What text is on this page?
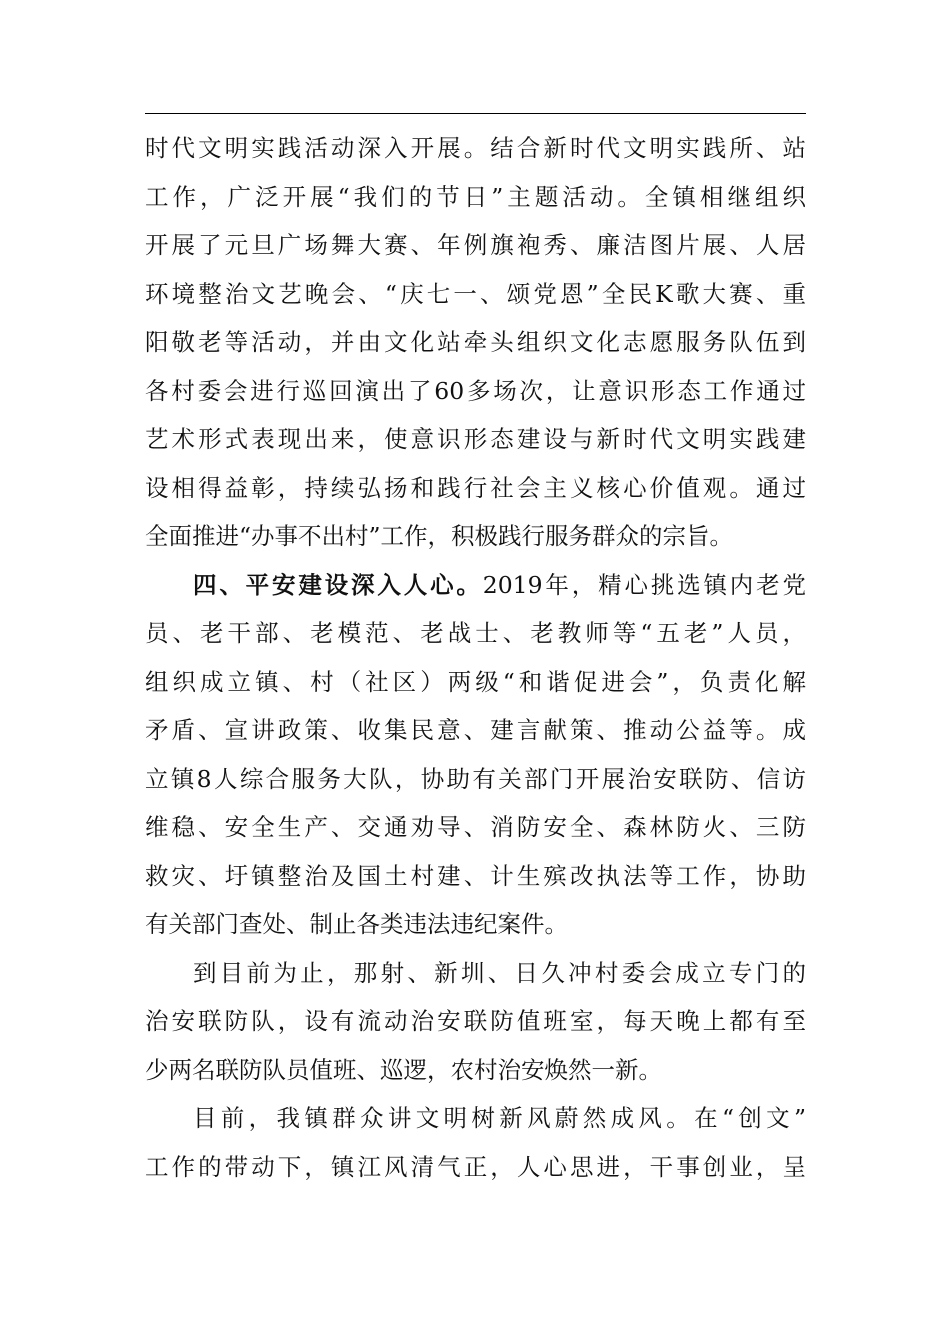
时代文明实践活动深入开展。结合新时代文明实践所、站
工作，广泛开展“我们的节日”主题活动。全镇相继组织
开展了元旦广场舞大赛、年例旗袍秀、廉洁图片展、人居
环境整治文艺晚会、“庆七一、颂党恩”全民K歌大赛、重
阳敬老等活动，并由文化站牵头组织文化志愿服务队伍到
各村委会进行巡回演出了60多场次，让意识形态工作通过
艺术形式表现出来，使意识形态建设与新时代文明实践建
设相得益彰，持续弘扬和践行社会主义核心价值观。通过
全面推进“办事不出村”工作，积极践行服务群众的宗旨。
四、平安建设深入人心。2019年，精心挑选镇内老党
员、老干部、老模范、老战士、老教师等“五老”人员，
组织成立镇、村（社区）两级“和谐促进会”，负责化解
矛盾、宣讲政策、收集民意、建言献策、推动公益等。成
立镇8人综合服务大队，协助有关部门开展治安联防、信访
维稳、安全生产、交通劝导、消防安全、森林防火、三防
救灾、圩镇整治及国土村建、计生殡改执法等工作，协助
有关部门查处、制止各类违法违纪案件。
到目前为止，那射、新圳、日久冲村委会成立专门的
治安联防队，设有流动治安联防值班室，每天晚上都有至
少两名联防队员值班、巡逻，农村治安焕然一新。
目前，我镇群众讲文明树新风蔚然成风。在“创文”
工作的带动下，镇江风清气正，人心思进，干事创业，呈
